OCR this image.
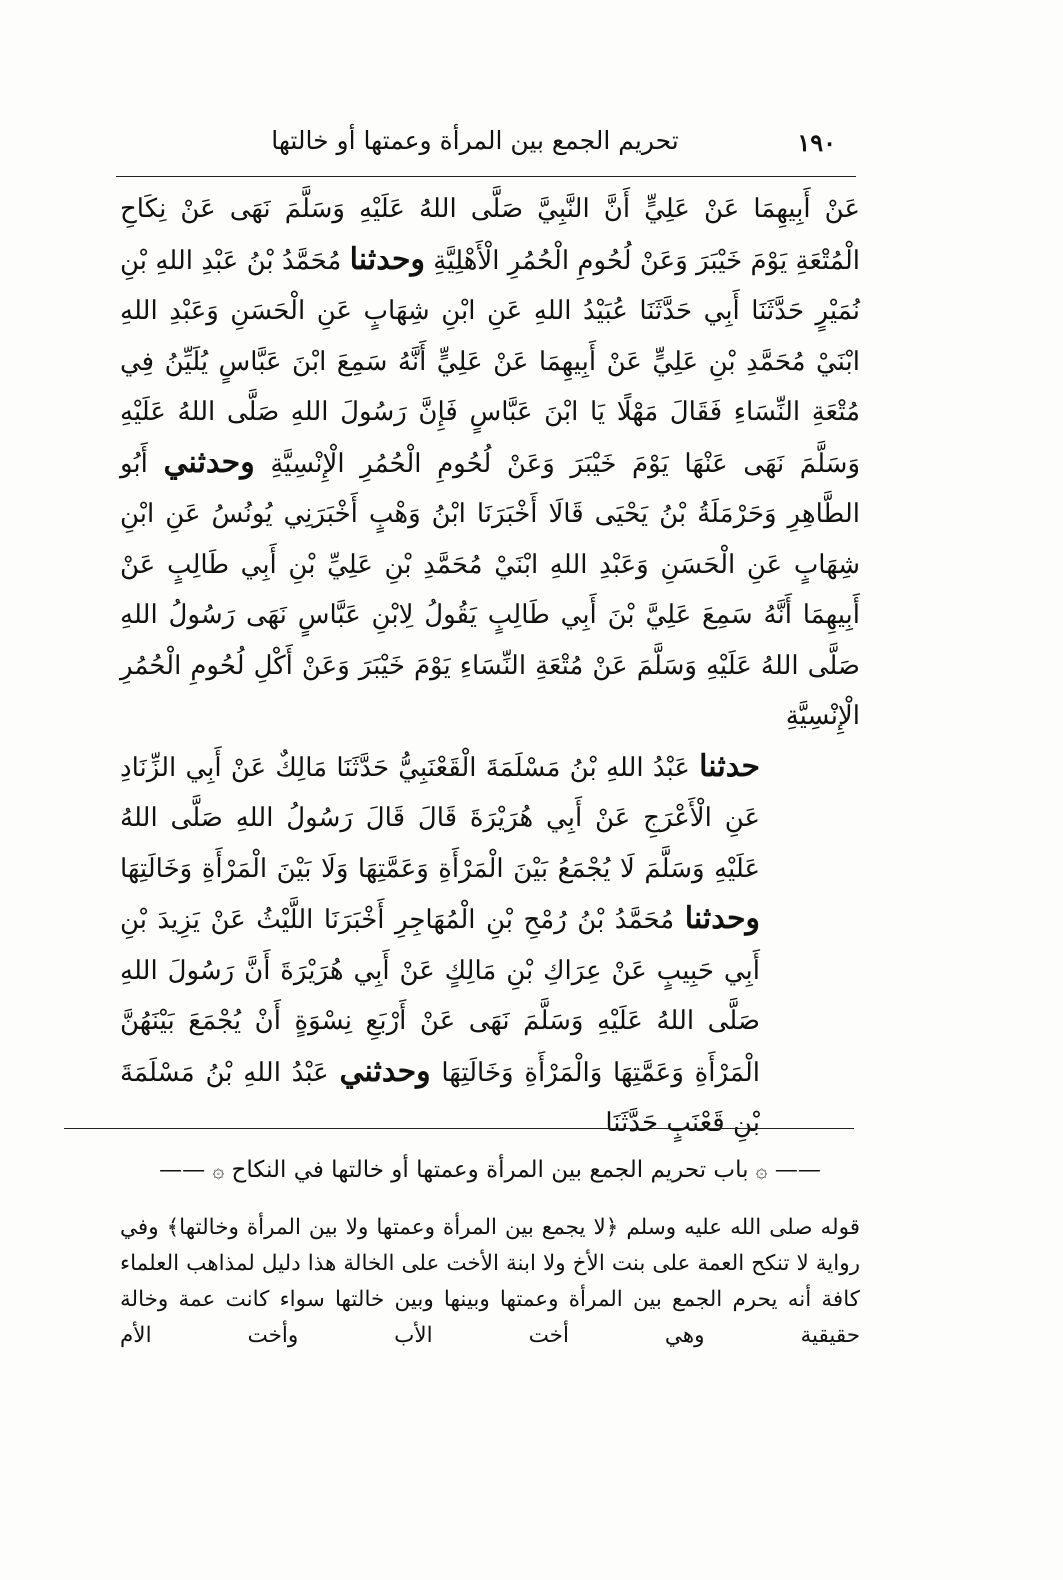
١٩٠
تحريم الجمع بين المرأة وعمتها أو خالتها

عَنْ أَبِيهِمَا عَنْ عَلِيٍّ أَنَّ النَّبِيَّ صَلَّى اللهُ عَلَيْهِ وَسَلَّمَ نَهَى عَنْ نِكَاحِ الْمُتْعَةِ يَوْمَ خَيْبَرَ وَعَنْ لُحُومِ الْحُمُرِ الْأَهْلِيَّةِ وحدثنا مُحَمَّدُ بْنُ عَبْدِ اللهِ بْنِ نُمَيْرٍ حَدَّثَنَا أَبِي حَدَّثَنَا عُبَيْدُ اللهِ عَنِ ابْنِ شِهَابٍ عَنِ الْحَسَنِ وَعَبْدِ اللهِ ابْنَيْ مُحَمَّدِ بْنِ عَلِيٍّ عَنْ أَبِيهِمَا عَنْ عَلِيٍّ أَنَّهُ سَمِعَ ابْنَ عَبَّاسٍ يُلَيِّنُ فِي مُتْعَةِ النِّسَاءِ فَقَالَ مَهْلًا يَا ابْنَ عَبَّاسٍ فَإِنَّ رَسُولَ اللهِ صَلَّى اللهُ عَلَيْهِ وَسَلَّمَ نَهَى عَنْهَا يَوْمَ خَيْبَرَ وَعَنْ لُحُومِ الْحُمُرِ الْإِنْسِيَّةِ وحدثني أَبُو الطَّاهِرِ وَحَرْمَلَةُ بْنُ يَحْيَى قَالَا أَخْبَرَنَا ابْنُ وَهْبٍ أَخْبَرَنِي يُونُسُ عَنِ ابْنِ شِهَابٍ عَنِ الْحَسَنِ وَعَبْدِ اللهِ ابْنَيْ مُحَمَّدِ بْنِ عَلِيِّ بْنِ أَبِي طَالِبٍ عَنْ أَبِيهِمَا أَنَّهُ سَمِعَ عَلِيَّ بْنَ أَبِي طَالِبٍ يَقُولُ لِابْنِ عَبَّاسٍ نَهَى رَسُولُ اللهِ صَلَّى اللهُ عَلَيْهِ وَسَلَّمَ عَنْ مُتْعَةِ النِّسَاءِ يَوْمَ خَيْبَرَ وَعَنْ أَكْلِ لُحُومِ الْحُمُرِ الْإِنْسِيَّةِ

حدثنا عَبْدُ اللهِ بْنُ مَسْلَمَةَ الْقَعْنَبِيُّ حَدَّثَنَا مَالِكٌ عَنْ أَبِي الزِّنَادِ عَنِ الْأَعْرَجِ عَنْ أَبِي هُرَيْرَةَ قَالَ قَالَ رَسُولُ اللهِ صَلَّى اللهُ عَلَيْهِ وَسَلَّمَ لَا يُجْمَعُ بَيْنَ الْمَرْأَةِ وَعَمَّتِهَا وَلَا بَيْنَ الْمَرْأَةِ وَخَالَتِهَا وحدثنا مُحَمَّدُ بْنُ رُمْحِ بْنِ الْمُهَاجِرِ أَخْبَرَنَا اللَّيْثُ عَنْ يَزِيدَ بْنِ أَبِي حَبِيبٍ عَنْ عِرَاكِ بْنِ مَالِكٍ عَنْ أَبِي هُرَيْرَةَ أَنَّ رَسُولَ اللهِ صَلَّى اللهُ عَلَيْهِ وَسَلَّمَ نَهَى عَنْ أَرْبَعِ نِسْوَةٍ أَنْ يُجْمَعَ بَيْنَهُنَّ الْمَرْأَةِ وَعَمَّتِهَا وَالْمَرْأَةِ وَخَالَتِهَا وحدثني عَبْدُ اللهِ بْنُ مَسْلَمَةَ بْنِ قَعْنَبٍ حَدَّثَنَا

—— ۞ باب تحريم الجمع بين المرأة وعمتها أو خالتها في النكاح ۞ ——

قوله صلى الله عليه وسلم ﴿لا يجمع بين المرأة وعمتها ولا بين المرأة وخالتها﴾ وفي رواية لا تنكح العمة على بنت الأخ ولا ابنة الأخت على الخالة هذا دليل لمذاهب العلماء كافة أنه يحرم الجمع بين المرأة وعمتها وبينها وبين خالتها سواء كانت عمة وخالة حقيقية وهي أخت الأب وأخت الأم
